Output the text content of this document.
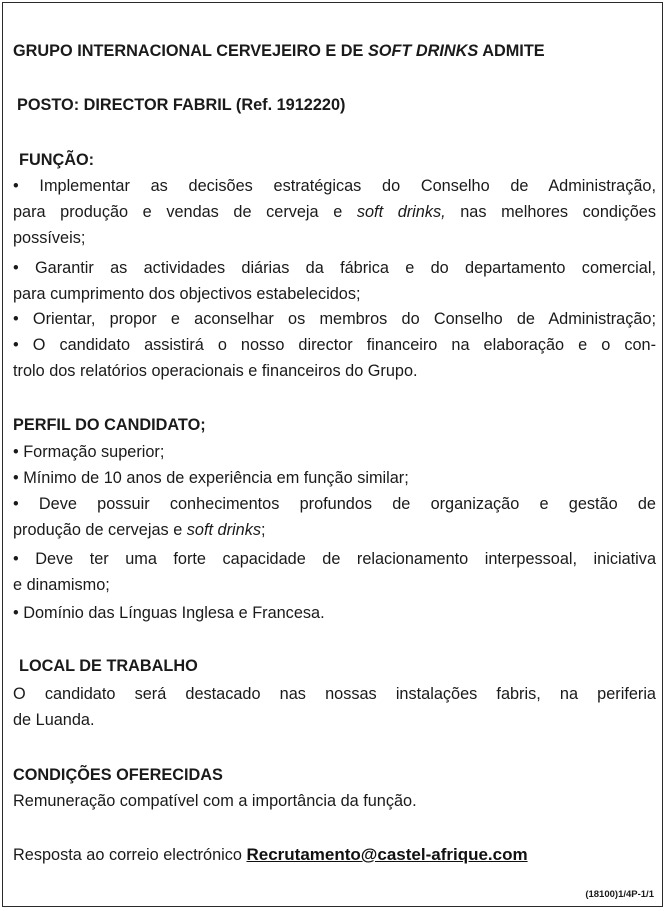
GRUPO INTERNACIONAL CERVEJEIRO E DE SOFT DRINKS ADMITE
POSTO: DIRECTOR FABRIL (Ref. 1912220)
FUNÇÃO:
• Implementar as decisões estratégicas do Conselho de Administração,
para produção e vendas de cerveja e soft drinks, nas melhores condições
possíveis;
• Garantir as actividades diárias da fábrica e do departamento comercial,
para cumprimento dos objectivos estabelecidos;
• Orientar, propor e aconselhar os membros do Conselho de Administração;
• O candidato assistirá o nosso director financeiro na elaboração e o con-
trolo dos relatórios operacionais e financeiros do Grupo.
PERFIL DO CANDIDATO;
• Formação superior;
• Mínimo de 10 anos de experiência em função similar;
• Deve possuir conhecimentos profundos de organização e gestão de
produção de cervejas e soft drinks;
• Deve ter uma forte capacidade de relacionamento interpessoal, iniciativa
e dinamismo;
• Domínio das Línguas Inglesa e Francesa.
LOCAL DE TRABALHO
O candidato será destacado nas nossas instalações fabris, na periferia
de Luanda.
CONDIÇÕES OFERECIDAS
Remuneração compatível com a importância da função.
Resposta ao correio electrónico Recrutamento@castel-afrique.com
(18100)1/4P-1/1
